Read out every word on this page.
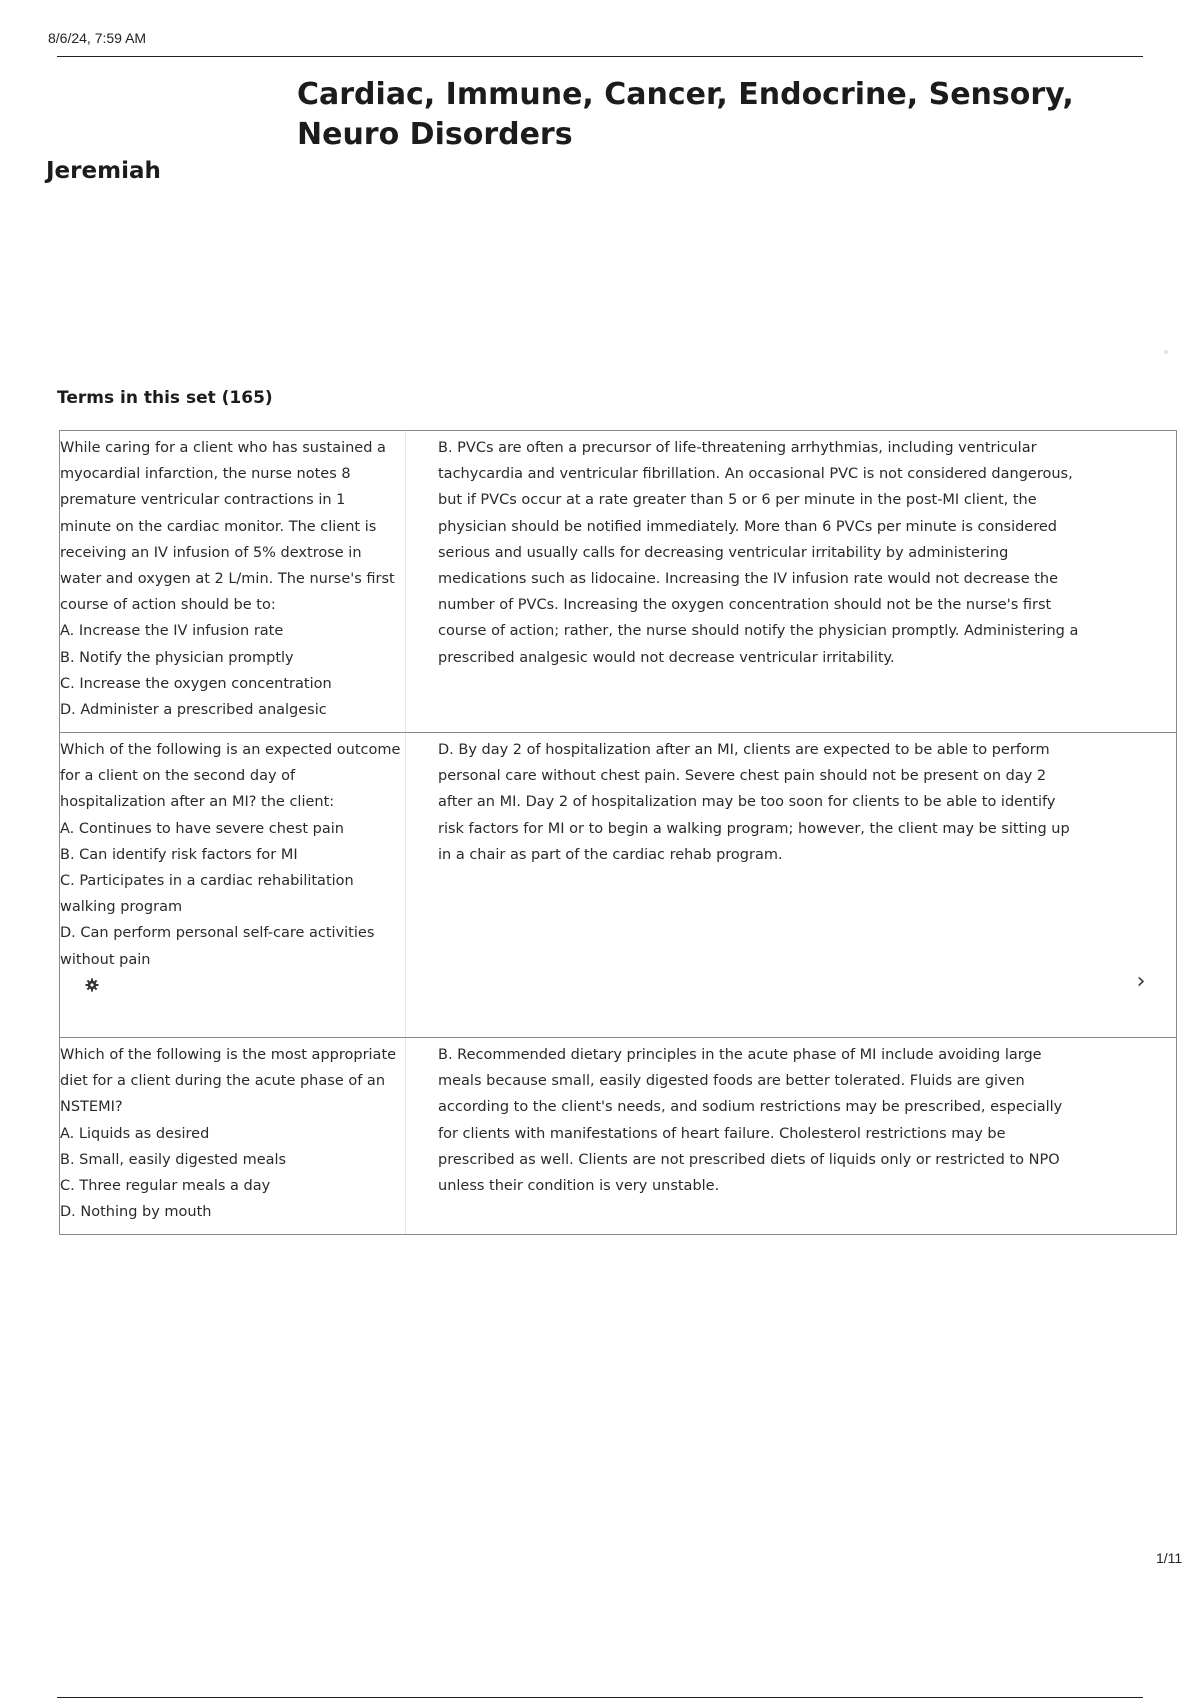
8/6/24, 7:59 AM
Cardiac, Immune, Cancer, Endocrine, Sensory, Neuro Disorders
Jeremiah
Terms in this set (165)

While caring for a client who has sustained a myocardial infarction, the nurse notes 8 premature ventricular contractions in 1 minute on the cardiac monitor. The client is receiving an IV infusion of 5% dextrose in water and oxygen at 2 L/min. The nurse's first course of action should be to:

A. Increase the IV infusion rate

B. Notify the physician promptly

C. Increase the oxygen concentration

D. Administer a prescribed analgesic

B. PVCs are often a precursor of life-threatening arrhythmias, including ventricular tachycardia and ventricular fibrillation. An occasional PVC is not considered dangerous, but if PVCs occur at a rate greater than 5 or 6 per minute in the post-MI client, the physician should be notified immediately. More than 6 PVCs per minute is considered serious and usually calls for decreasing ventricular irritability by administering medications such as lidocaine. Increasing the IV infusion rate would not decrease the number of PVCs. Increasing the oxygen concentration should not be the nurse's first course of action; rather, the nurse should notify the physician promptly. Administering a prescribed analgesic would not decrease ventricular irritability.

Which of the following is an expected outcome for a client on the second day of hospitalization after an MI? the client:

A. Continues to have severe chest pain

B. Can identify risk factors for MI

C. Participates in a cardiac rehabilitation walking program

D. Can perform personal self-care activities without pain

D. By day 2 of hospitalization after an MI, clients are expected to be able to perform personal care without chest pain. Severe chest pain should not be present on day 2 after an MI. Day 2 of hospitalization may be too soon for clients to be able to identify risk factors for MI or to begin a walking program; however, the client may be sitting up in a chair as part of the cardiac rehab program.

›

Which of the following is the most appropriate diet for a client during the acute phase of an NSTEMI?

A. Liquids as desired

B. Small, easily digested meals

C. Three regular meals a day

D. Nothing by mouth

B. Recommended dietary principles in the acute phase of MI include avoiding large meals because small, easily digested foods are better tolerated. Fluids are given according to the client's needs, and sodium restrictions may be prescribed, especially for clients with manifestations of heart failure. Cholesterol restrictions may be prescribed as well. Clients are not prescribed diets of liquids only or restricted to NPO unless their condition is very unstable.

1/11
